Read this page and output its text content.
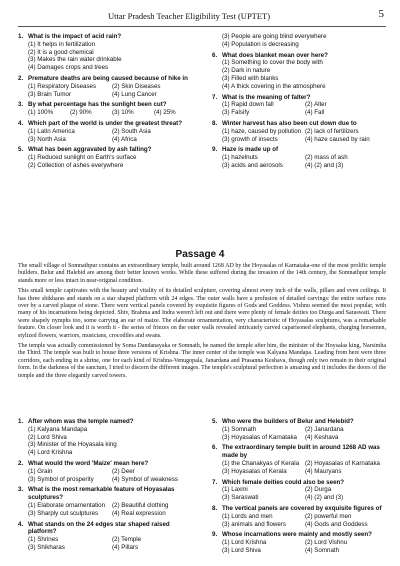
Uttar Pradesh Teacher Eligibility Test (UPTET)	5
1. What is the impact of acid rain?
(1) It helps in fertilization
(2) It is a good chemical
(3) Makes the rain water drinkable
(4) Damages crops and trees
2. Premature deaths are being caused because of hike in
(1) Respiratory Diseases	(2) Skin Diseases
(3) Brain Tumor	(4) Lung Cancer
3. By what percentage has the sunlight been cut?
(1) 100%	(2) 90%	(3) 10%	(4) 25%
4. Which part of the world is under the greatest threat?
(1) Latin America	(2) South Asia
(3) North Asia	(4) Africa
5. What has been aggravated by ash falling?
(1) Reduced sunlight on Earth's surface
(2) Collection of ashes everywhere
(3) People are going blind everywhere
(4) Population is decreasing
6. What does blanket mean over here?
(1) Something to cover the body with
(2) Dark in nature
(3) Filled with blanks
(4) A thick covering in the atmosphere
7. What is the meaning of falter?
(1) Rapid down fall	(2) Alter
(3) Falsify	(4) Fall
8. Winter harvest has also been cut down due to
(1) haze, caused by pollution (2) lack of fertilizers
(3) growth of insects	(4) haze caused by rain
9. Haze is made up of
(1) hazelnuts	(2) mass of ash
(3) acids and aerosols	(4) (2) and (3)
Passage 4

The small village of Somnathpur contains an extraordinary temple, built around 1268 AD by the Hoyasalas of Karnataka-one of the most prolific temple builders. Belur and Halebid are among their better known works. While these suffered during the invasion of the 14th century, the Somnathpur temple stands more or less intact in near-original condition.

This small temple captivates with the beauty and vitality of its detailed sculpture, covering almost every inch of the walls, pillars and even ceilings. It has three shikharas and stands on a star shaped platform with 24 edges. The outer walls have a profusion of detailed carvings: the entire surface runs over by a carved plaque of stone. There were vertical panels covered by exquisite figures of Gods and Goddess. Vishnu seemed the most popular, with many of his incarnations being depicted. Shiv, Brahma and Indra weren't left out and there were plenty of female deities too Durga and Saraswati. There were shapely nymphs too, some carrying an ear of maize. The elaborate ornamentation, very characteristic of Hoyasalas sculptures, was a remarkable feature. On closer look and it is worth it - the series of friezes on the outer walls revealed intricately carved caparisoned elephants, charging horsemen, stylized flowers, warriors, musicians, crocodiles and swans.

The temple was actually commissioned by Soma Dandanayaka or Somnath, he named the temple after him, the minister of the Hoysalas king, Narsimha the Third. The temple was built to house three versions of Krishna. The inner center of the temple was Kalyana Mandapa. Leading from here were three corridors, each ending in a shrine, one for each kind of Krishna-Venugopala, Janardana and Prasanna Keshava, though only two remain in their original form. In the darkness of the sanctum, I tried to discern the different images. The temple's sculptural perfection is amazing and it includes the doors of the temple and the three elegantly carved towers.

1. After whom was the temple named?
(1) Kalyana Mandapa
(2) Lord Shiva
(3) Minister of the Hoyasala king
(4) Lord Krishna
2. What would the word 'Maize' mean here?
(1) Grain	(2) Deer
(3) Symbol of prosperity	(4) Symbol of weakness
3. What is the most remarkable feature of Hoyasalas sculptures?
(1) Elaborate ornamentation	(2) Beautiful clothing
(3) Sharply cut sculptures	(4) Real expression
4. What stands on the 24 edges star shaped raised platform?
(1) Shrines	(2) Temple
(3) Shikharas	(4) Pillars
5. Who were the builders of Belur and Helebid?
(1) Somnath	(2) Janardana
(3) Hoyasalas of Karnataka	(4) Keshava
6. The extraordinary temple built in around 1268 AD was made by
(1) the Chanakyas of Kerala (2) Hoyasalas of Karnataka
(3) Hoyasalas of Kerala	(4) Mauryans
7. Which female deities could also be seen?
(1) Laxmi	(2) Durga
(3) Saraswati	(4) (2) and (3)
8. The vertical panels are covered by exquisite figures of
(1) Lords and men	(2) powerful men
(3) animals and flowers	(4) Gods and Goddess
9. Whose incarnations were mainly and mostly seen?
(1) Lord Krishna	(2) Lord Vishnu
(3) Lord Shiva	(4) Somnath
